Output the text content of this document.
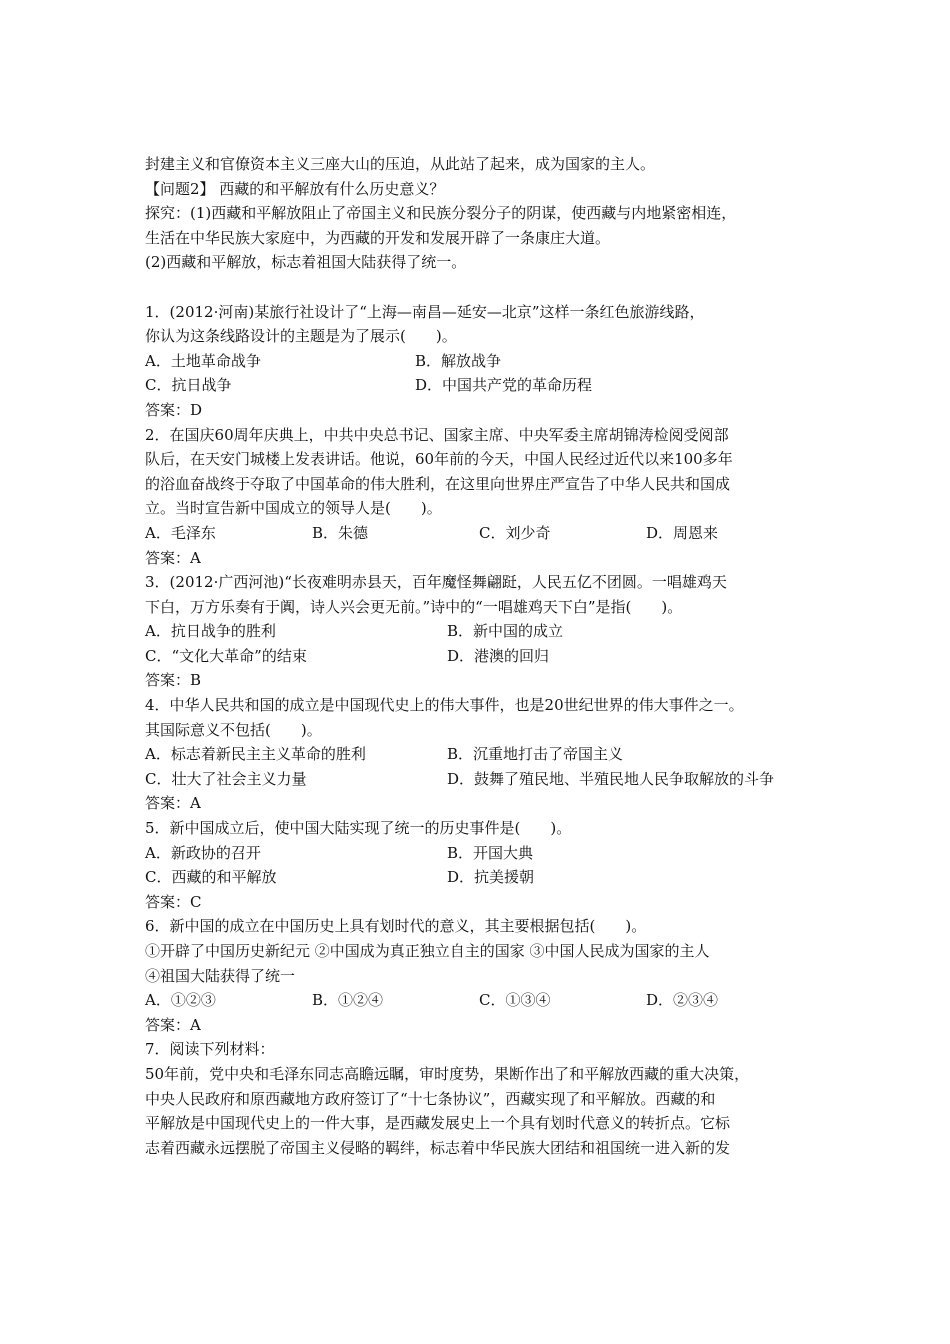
封建主义和官僚资本主义三座大山的压迫，从此站了起来，成为国家的主人。
【问题2】 西藏的和平解放有什么历史意义？
探究：(1)西藏和平解放阻止了帝国主义和民族分裂分子的阴谋，使西藏与内地紧密相连，
生活在中华民族大家庭中，为西藏的开发和发展开辟了一条康庄大道。
(2)西藏和平解放，标志着祖国大陆获得了统一。
1．(2012·河南)某旅行社设计了“上海—南昌—延安—北京”这样一条红色旅游线路，
你认为这条线路设计的主题是为了展示(　　)。
A．土地革命战争	B．解放战争
C．抗日战争	D．中国共产党的革命历程
答案：D
2．在国庆60周年庆典上，中共中央总书记、国家主席、中央军委主席胡锦涛检阅受阅部
队后，在天安门城楼上发表讲话。他说，60年前的今天，中国人民经过近代以来100多年
的浴血奋战终于夺取了中国革命的伟大胜利，在这里向世界庄严宣告了中华人民共和国成
立。当时宣告新中国成立的领导人是(　　)。
A．毛泽东	B．朱德	C．刘少奇	D．周恩来
答案：A
3．(2012·广西河池)“长夜难明赤县天，百年魔怪舞翩跹，人民五亿不团圆。一唱雄鸡天
下白，万方乐奏有于阗，诗人兴会更无前。”诗中的“一唱雄鸡天下白”是指(　　)。
A．抗日战争的胜利	B．新中国的成立
C．“文化大革命”的结束	D．港澳的回归
答案：B
4．中华人民共和国的成立是中国现代史上的伟大事件，也是20世纪世界的伟大事件之一。
其国际意义不包括(　　)。
A．标志着新民主主义革命的胜利	B．沉重地打击了帝国主义
C．壮大了社会主义力量	D．鼓舞了殖民地、半殖民地人民争取解放的斗争
答案：A
5．新中国成立后，使中国大陆实现了统一的历史事件是(　　)。
A．新政协的召开	B．开国大典
C．西藏的和平解放	D．抗美援朝
答案：C
6．新中国的成立在中国历史上具有划时代的意义，其主要根据包括(　　)。
①开辟了中国历史新纪元 ②中国成为真正独立自主的国家 ③中国人民成为国家的主人
④祖国大陆获得了统一
A．①②③	B．①②④	C．①③④	D．②③④
答案：A
7．阅读下列材料：
50年前，党中央和毛泽东同志高瞻远瞩，审时度势，果断作出了和平解放西藏的重大决策，
中央人民政府和原西藏地方政府签订了“十七条协议”，西藏实现了和平解放。西藏的和
平解放是中国现代史上的一件大事，是西藏发展史上一个具有划时代意义的转折点。它标
志着西藏永远摆脱了帝国主义侵略的羁绊，标志着中华民族大团结和祖国统一进入新的发
